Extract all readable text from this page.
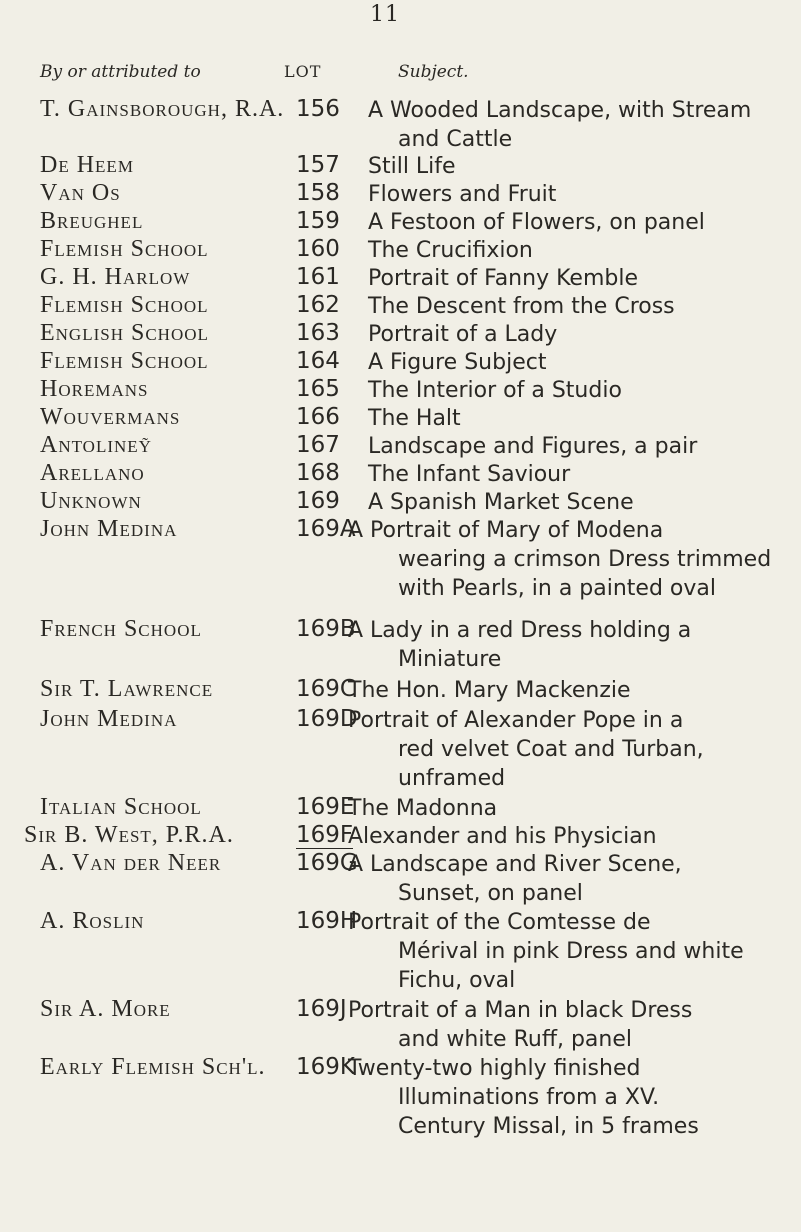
11
By or attributed to	LOT	Subject.
T. Gainsborough, R.A. 156 A Wooded Landscape, with Stream
and Cattle
De Heem	157 Still Life
Van Os	158 Flowers and Fruit
Breughel	159 A Festoon of Flowers, on panel
Flemish School	160 The Crucifixion
G. H. Harlow	161 Portrait of Fanny Kemble
Flemish School	162 The Descent from the Cross
English School	163 Portrait of a Lady
Flemish School	164 A Figure Subject
Horemans	165 The Interior of a Studio
Wouvermans	166 The Halt
Antolineỹ	167 Landscape and Figures, a pair
Arellano	168 The Infant Saviour
Unknown	169 A Spanish Market Scene
John Medina	169A
A Portrait of Mary of Modena
wearing a crimson Dress trimmed
with Pearls, in a painted oval
French School	169B
A Lady in a red Dress holding a
Miniature
Sir T. Lawrence	169C
The Hon. Mary Mackenzie
John Medina	169D
Portrait of Alexander Pope in a
red velvet Coat and Turban,
unframed
Italian School	169E
The Madonna
Sir B. West, P.R.A.	169F
Alexander and his Physician
A. Van der Neer	169G
A Landscape and River Scene,
Sunset, on panel
A. Roslin	169H
Portrait of the Comtesse de
Mérival in pink Dress and white
Fichu, oval
Sir A. More	169J Portrait of a Man in black Dress
and white Ruff, panel
Early Flemish Sch'l. 169K
Twenty-two highly finished
Illuminations from a XV.
Century Missal, in 5 frames
